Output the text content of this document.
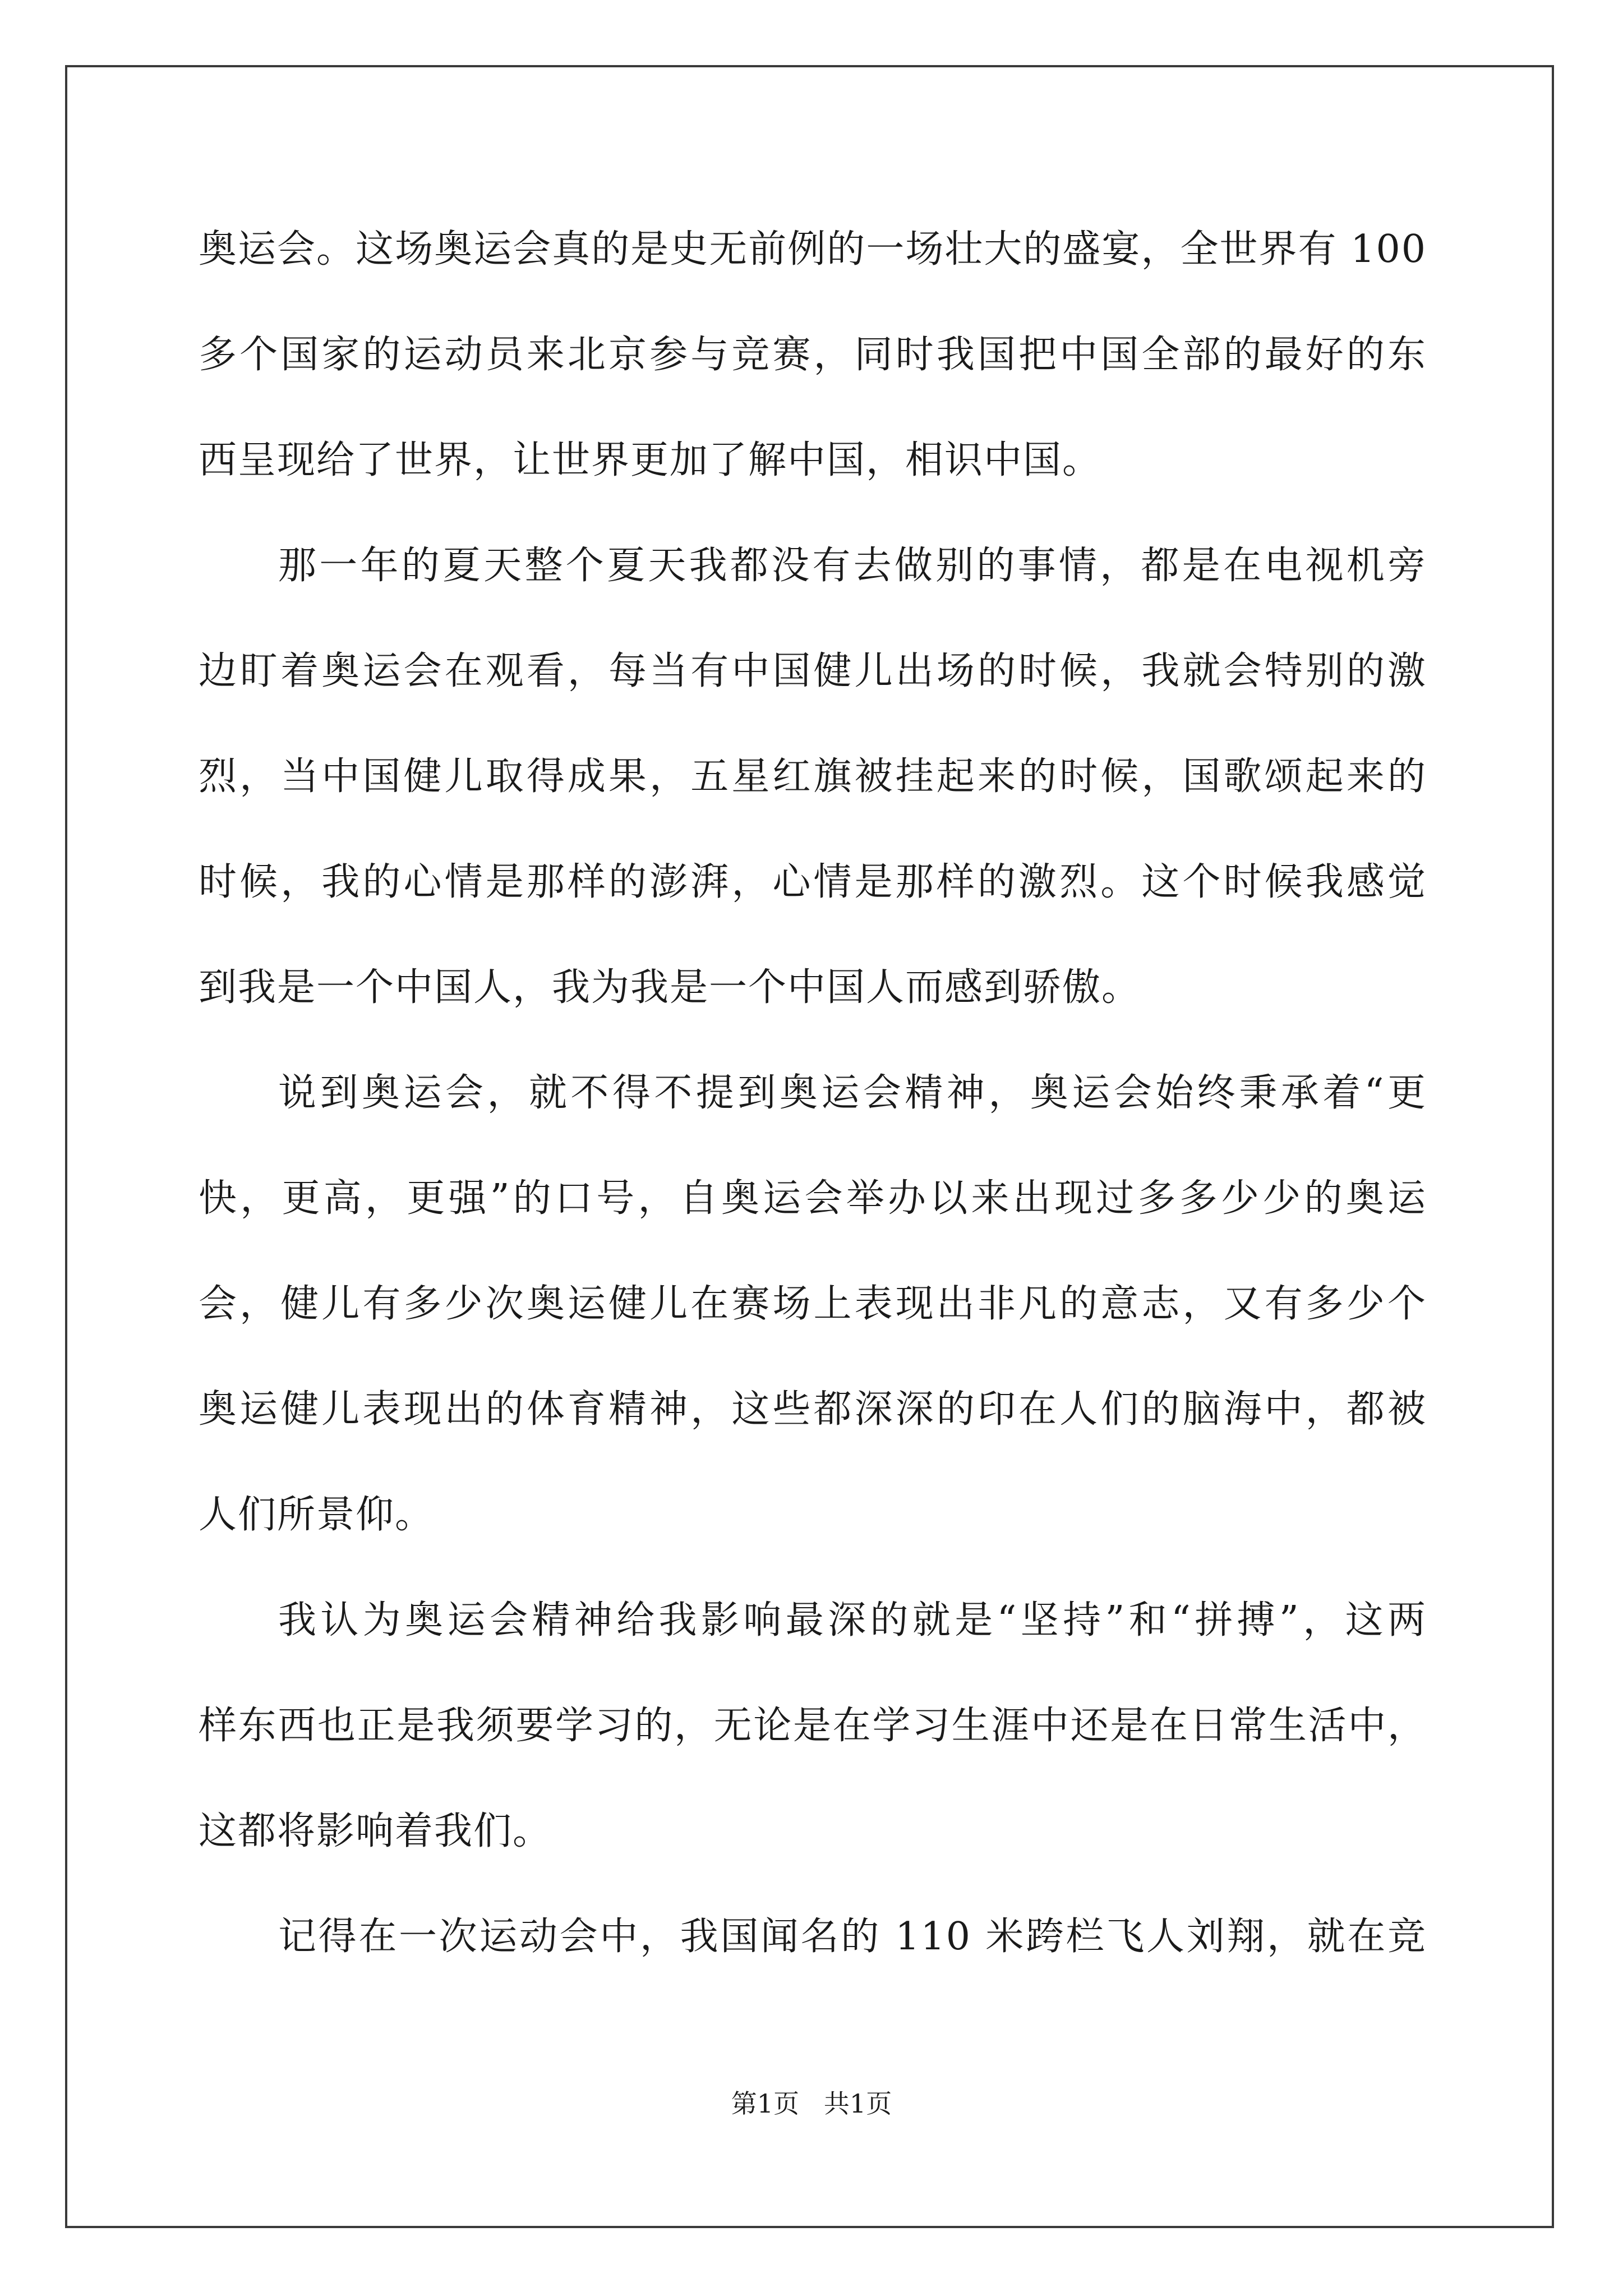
奥运会。这场奥运会真的是史无前例的一场壮大的盛宴，全世界有 100
多个国家的运动员来北京参与竞赛，同时我国把中国全部的最好的东
西呈现给了世界，让世界更加了解中国，相识中国。
那一年的夏天整个夏天我都没有去做别的事情，都是在电视机旁
边盯着奥运会在观看，每当有中国健儿出场的时候，我就会特别的激
烈，当中国健儿取得成果，五星红旗被挂起来的时候，国歌颂起来的
时候，我的心情是那样的澎湃，心情是那样的激烈。这个时候我感觉
到我是一个中国人，我为我是一个中国人而感到骄傲。
说到奥运会，就不得不提到奥运会精神，奥运会始终秉承着“更
快，更高，更强”的口号，自奥运会举办以来出现过多多少少的奥运
会，健儿有多少次奥运健儿在赛场上表现出非凡的意志，又有多少个
奥运健儿表现出的体育精神，这些都深深的印在人们的脑海中，都被
人们所景仰。
我认为奥运会精神给我影响最深的就是“坚持”和“拼搏”，这两
样东西也正是我须要学习的，无论是在学习生涯中还是在日常生活中，
这都将影响着我们。
记得在一次运动会中，我国闻名的 110 米跨栏飞人刘翔，就在竞
第1页   共1页
